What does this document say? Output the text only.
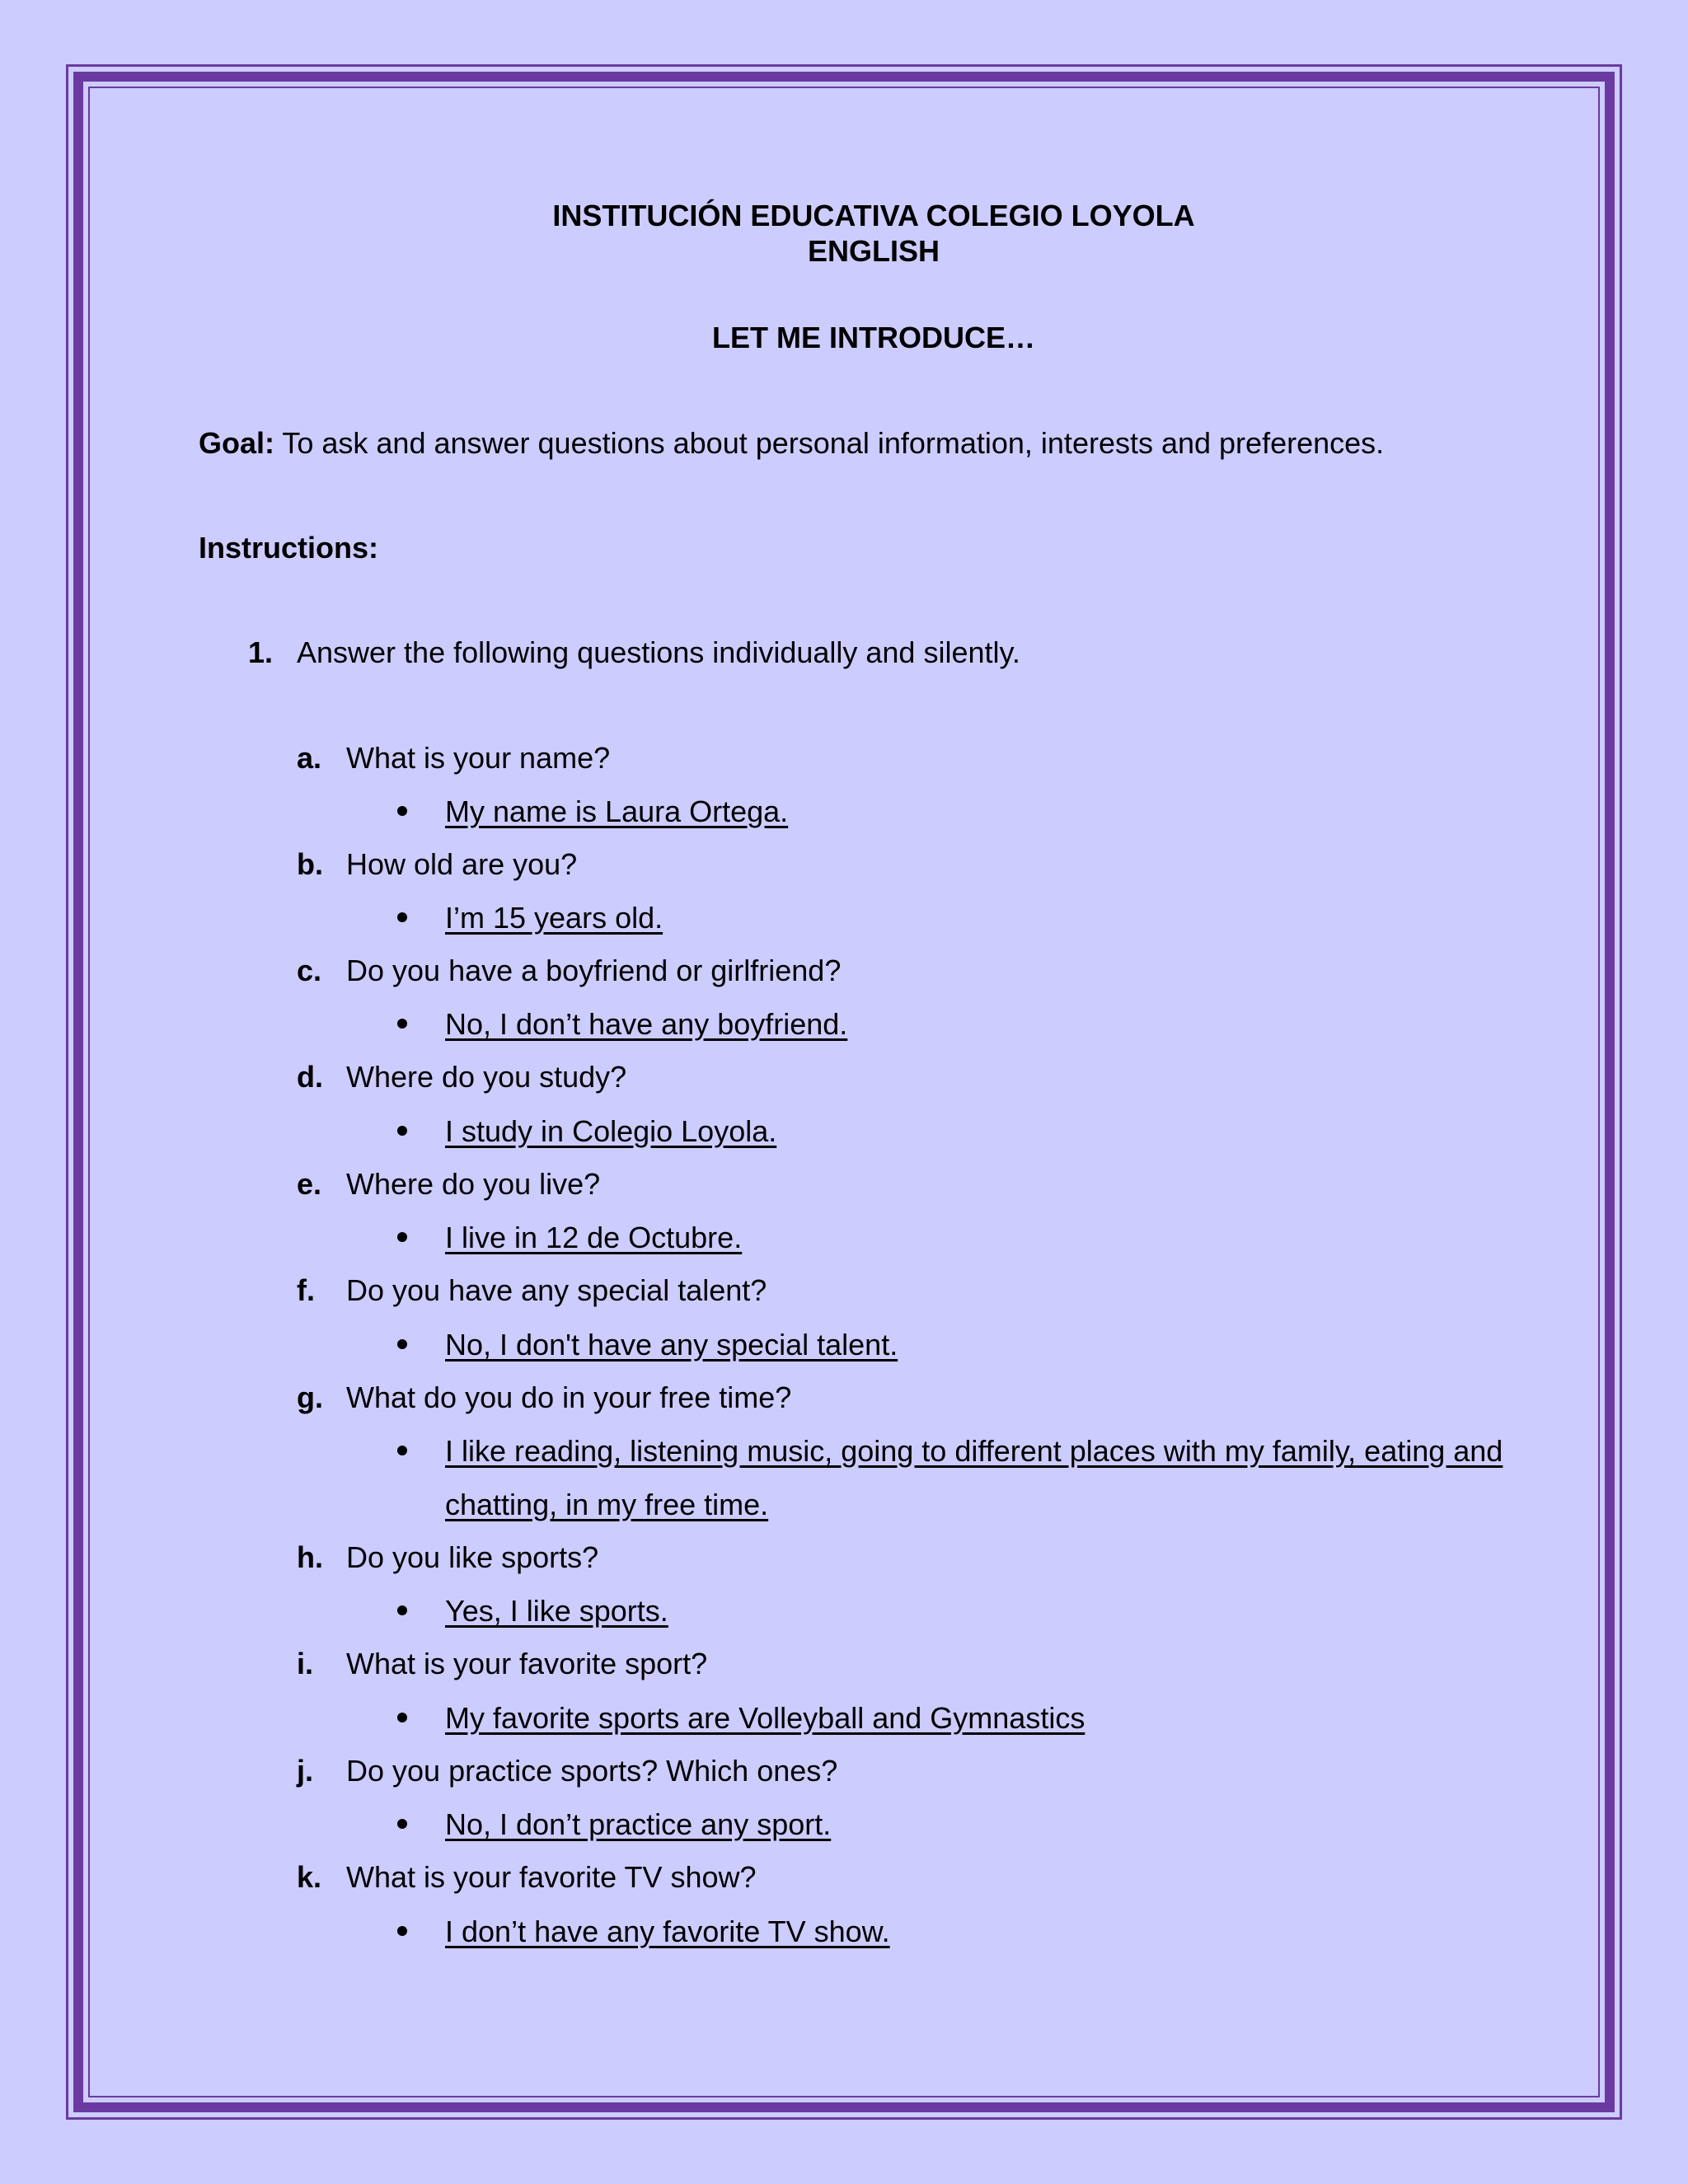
INSTITUCIÓN EDUCATIVA COLEGIO LOYOLA
ENGLISH
LET ME INTRODUCE…
Goal: To ask and answer questions about personal information, interests and preferences.
Instructions:
1. Answer the following questions individually and silently.
a. What is your name?
My name is Laura Ortega.
b. How old are you?
I’m 15 years old.
c. Do you have a boyfriend or girlfriend?
No, I don’t have any boyfriend.
d. Where do you study?
I study in Colegio Loyola.
e. Where do you live?
I live in 12 de Octubre.
f. Do you have any special talent?
No, I don't have any special talent.
g. What do you do in your free time?
I like reading, listening music, going to different places with my family, eating and
chatting, in my free time.
h. Do you like sports?
Yes, I like sports.
i. What is your favorite sport?
My favorite sports are Volleyball and Gymnastics
j. Do you practice sports? Which ones?
No, I don’t practice any sport.
k. What is your favorite TV show?
I don’t have any favorite TV show.
